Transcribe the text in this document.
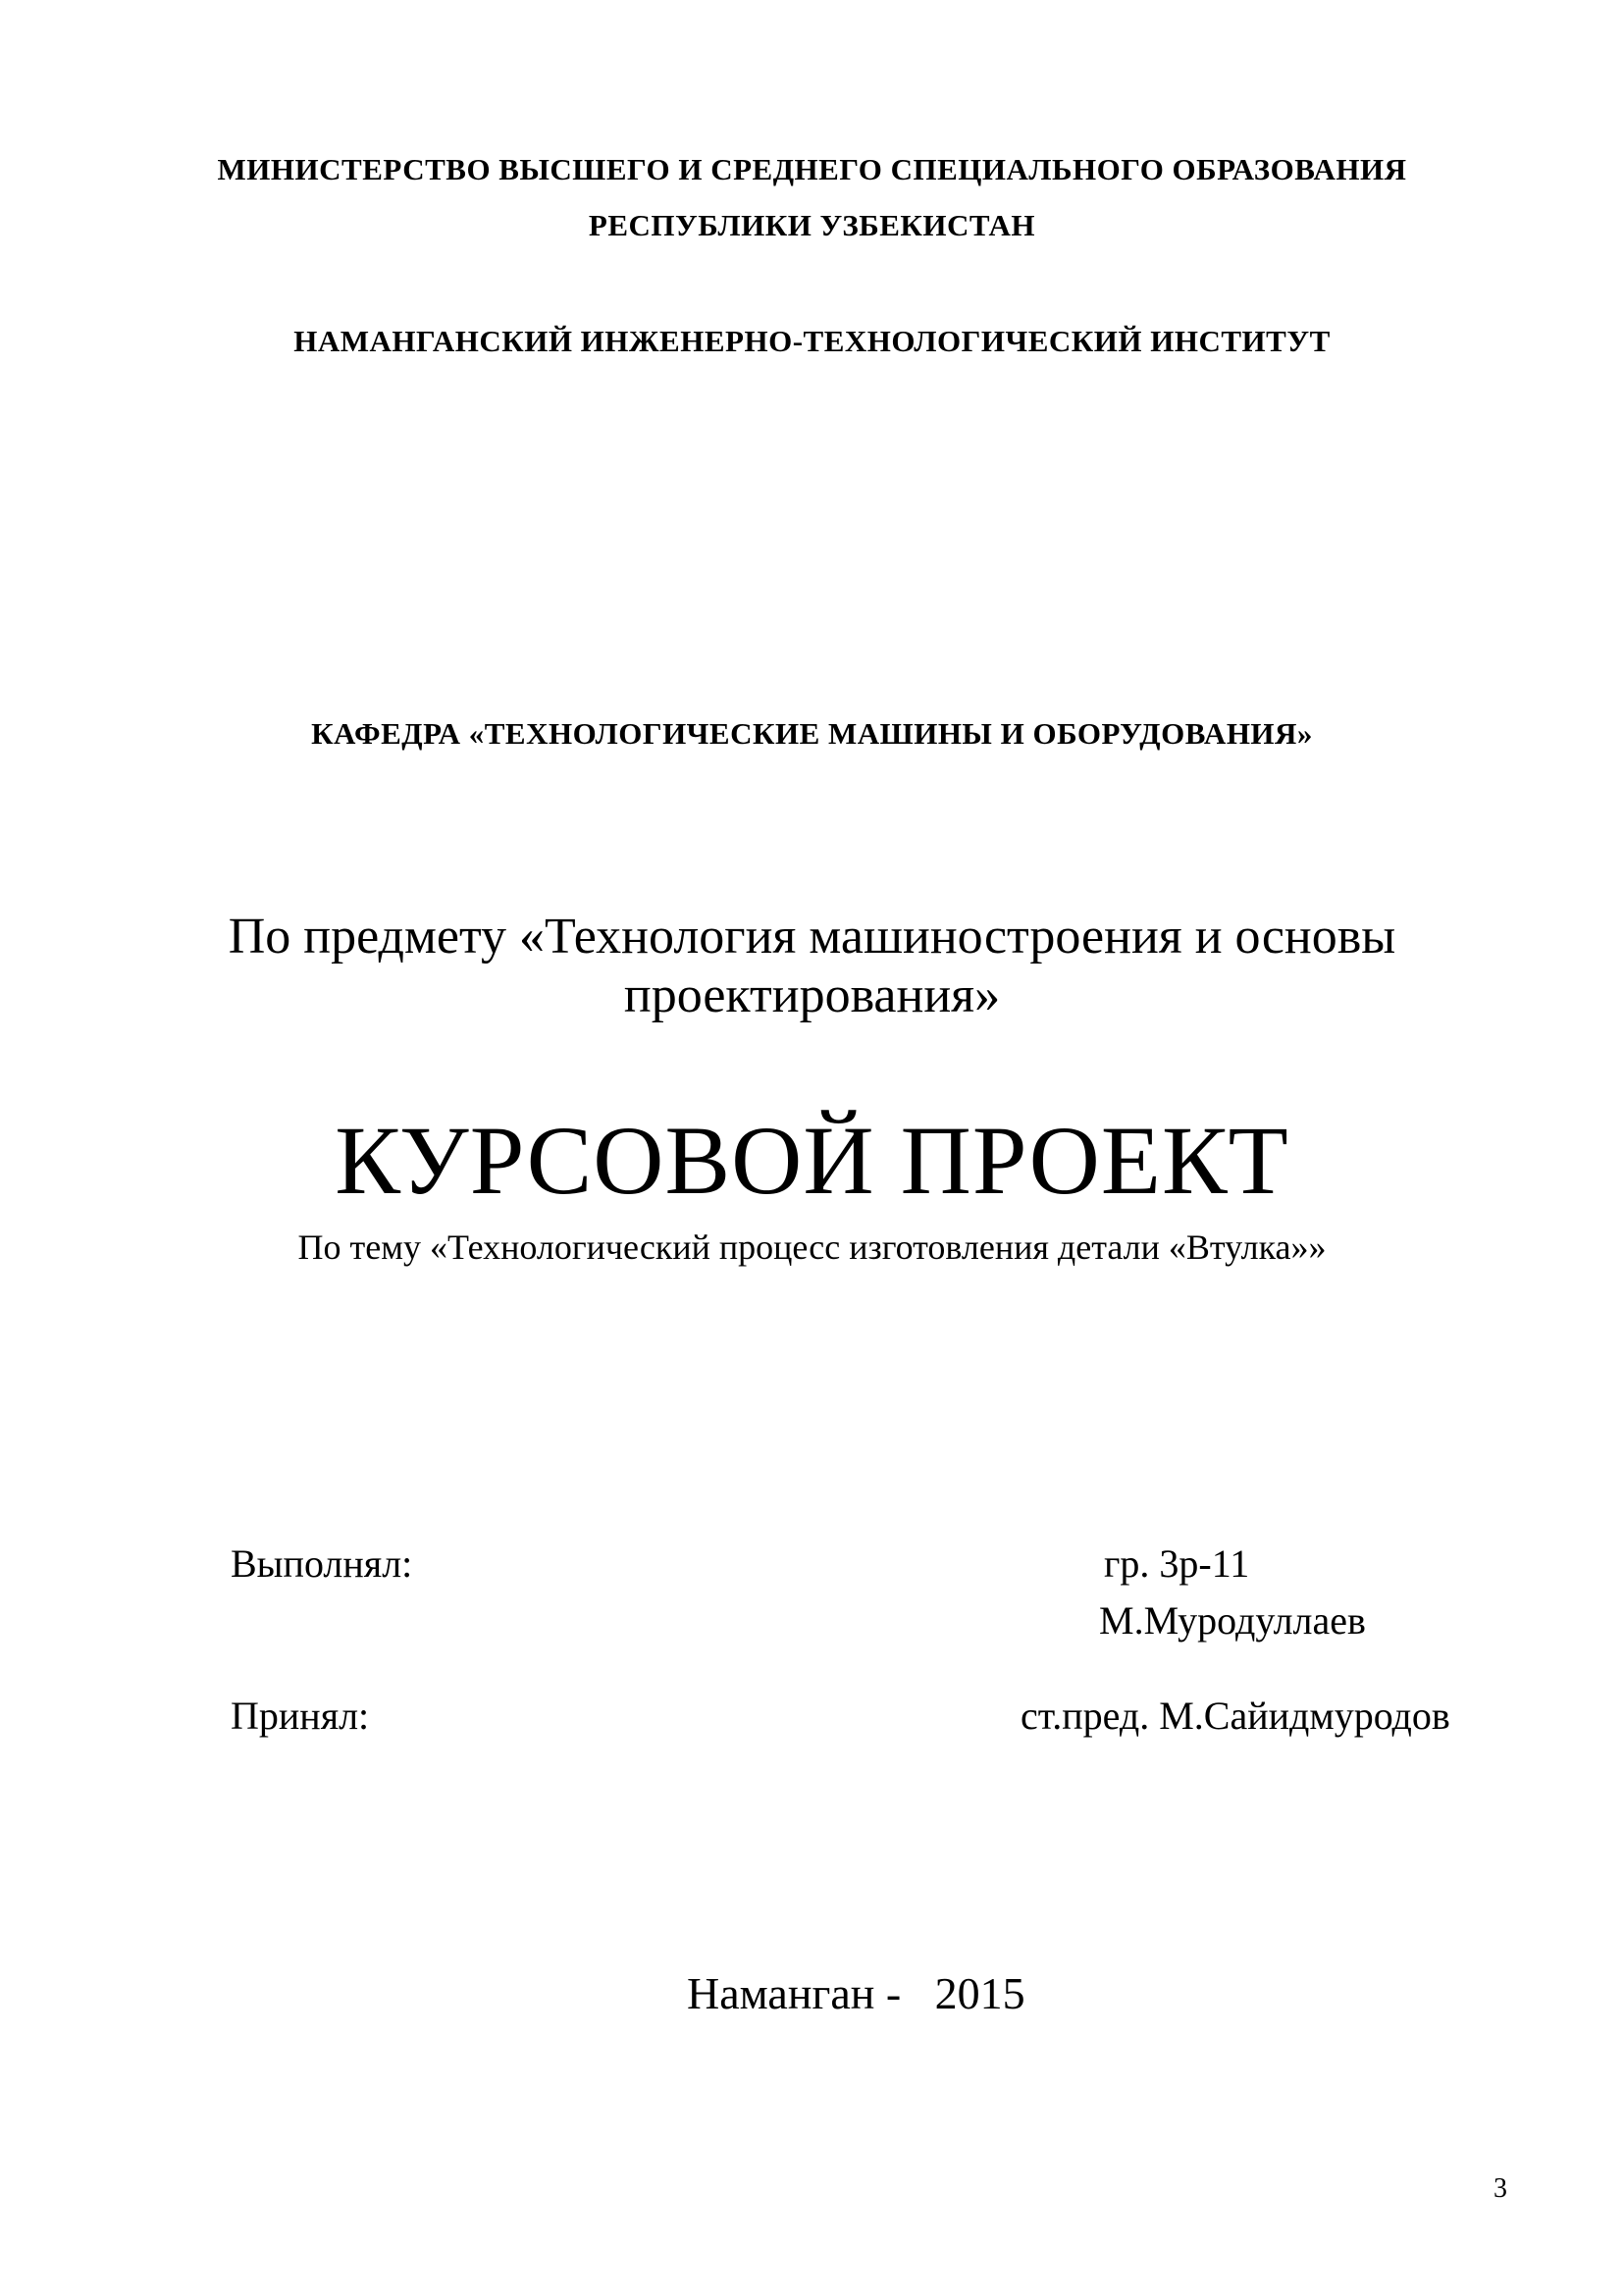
МИНИСТЕРСТВО ВЫСШЕГО И СРЕДНЕГО СПЕЦИАЛЬНОГО ОБРАЗОВАНИЯ
РЕСПУБЛИКИ УЗБЕКИСТАН
НАМАНГАНСКИЙ ИНЖЕНЕРНО-ТЕХНОЛОГИЧЕСКИЙ ИНСТИТУТ
КАФЕДРА «ТЕХНОЛОГИЧЕСКИЕ МАШИНЫ И ОБОРУДОВАНИЯ»
По предмету «Технология машиностроения и основы
проектирования»
КУРСОВОЙ ПРОЕКТ
По тему «Технологический процесс изготовления детали «Втулка»»
Выполнял:	гр. 3р-11
М.Муродуллаев
Принял:	ст.пред. М.Сайидмуродов
Наманган -   2015
3
